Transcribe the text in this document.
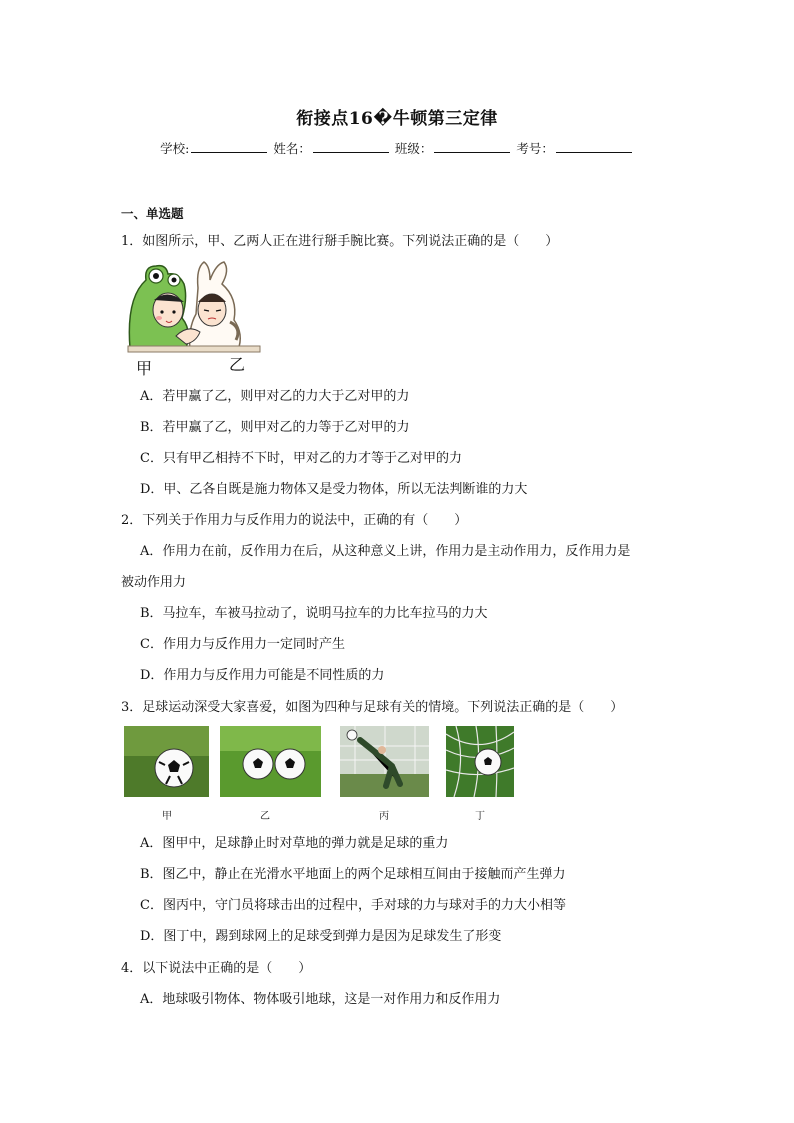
衔接点16�牛顿第三定律
学校:	姓名：	班级：	考号：
一、单选题
1．如图所示，甲、乙两人正在进行掰手腕比赛。下列说法正确的是（　　）
甲	乙
A．若甲赢了乙，则甲对乙的力大于乙对甲的力
B．若甲赢了乙，则甲对乙的力等于乙对甲的力
C．只有甲乙相持不下时，甲对乙的力才等于乙对甲的力
D．甲、乙各自既是施力物体又是受力物体，所以无法判断谁的力大
2．下列关于作用力与反作用力的说法中，正确的有（　　）
A．作用力在前，反作用力在后，从这种意义上讲，作用力是主动作用力，反作用力是
被动作用力
B．马拉车，车被马拉动了，说明马拉车的力比车拉马的力大
C．作用力与反作用力一定同时产生
D．作用力与反作用力可能是不同性质的力
3．足球运动深受大家喜爱，如图为四种与足球有关的情境。下列说法正确的是（　　）
甲	乙	丙	丁
A．图甲中，足球静止时对草地的弹力就是足球的重力
B．图乙中，静止在光滑水平地面上的两个足球相互间由于接触而产生弹力
C．图丙中，守门员将球击出的过程中，手对球的力与球对手的力大小相等
D．图丁中，踢到球网上的足球受到弹力是因为足球发生了形变
4．以下说法中正确的是（　　）
A．地球吸引物体、物体吸引地球，这是一对作用力和反作用力
